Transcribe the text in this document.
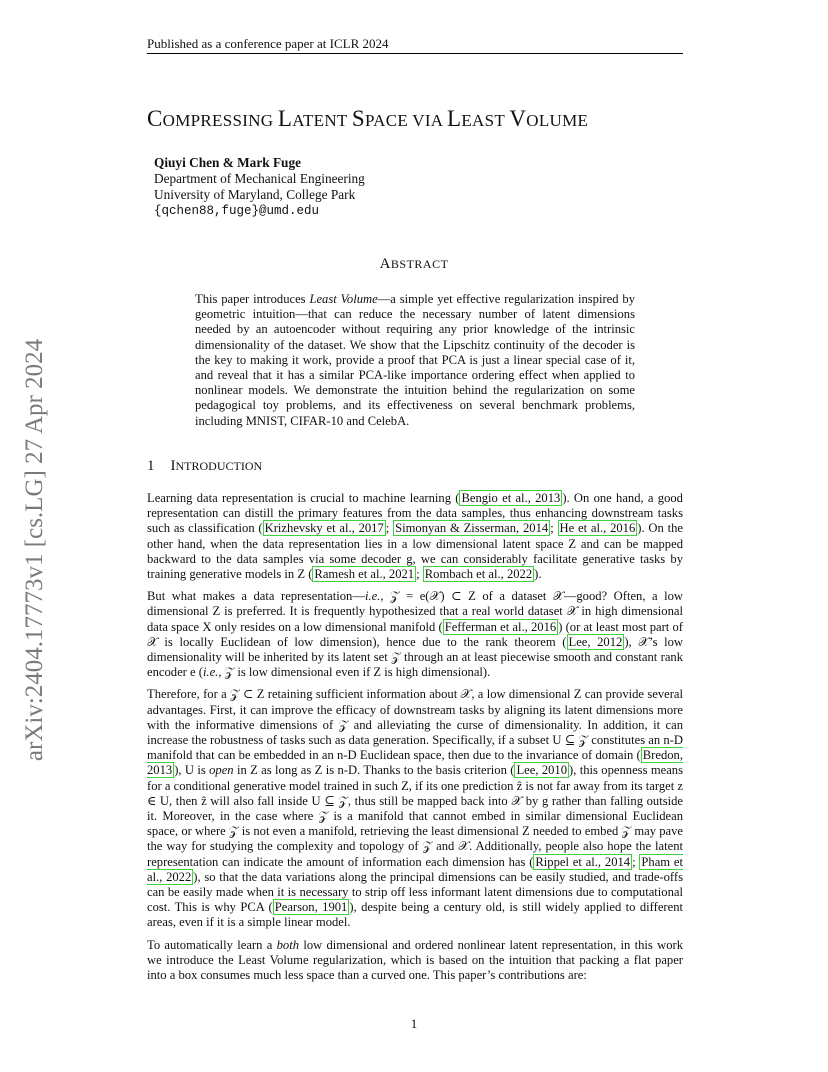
Published as a conference paper at ICLR 2024
COMPRESSING LATENT SPACE VIA LEAST VOLUME
Qiuyi Chen & Mark Fuge
Department of Mechanical Engineering
University of Maryland, College Park
{qchen88,fuge}@umd.edu
ABSTRACT
This paper introduces Least Volume—a simple yet effective regularization inspired by geometric intuition—that can reduce the necessary number of latent dimensions needed by an autoencoder without requiring any prior knowledge of the intrinsic dimensionality of the dataset. We show that the Lipschitz continuity of the decoder is the key to making it work, provide a proof that PCA is just a linear special case of it, and reveal that it has a similar PCA-like importance ordering effect when applied to nonlinear models. We demonstrate the intuition behind the regularization on some pedagogical toy problems, and its effectiveness on several benchmark problems, including MNIST, CIFAR-10 and CelebA.
1 INTRODUCTION

Learning data representation is crucial to machine learning ( Bengio et al., 2013 ). On one hand, a good representation can distill the primary features from the data samples, thus enhancing downstream tasks such as classification ( Krizhevsky et al., 2017 ; Simonyan & Zisserman, 2014 ; He et al., 2016 ). On the other hand, when the data representation lies in a low dimensional latent space Z and can be mapped backward to the data samples via some decoder g, we can considerably facilitate generative tasks by training generative models in Z ( Ramesh et al., 2021 ; Rombach et al., 2022 ).

But what makes a data representation—i.e., 𝒵 = e(𝒳) ⊂ Z of a dataset 𝒳—good? Often, a low dimensional Z is preferred. It is frequently hypothesized that a real world dataset 𝒳 in high dimensional data space X only resides on a low dimensional manifold ( Fefferman et al., 2016 ) (or at least most part of 𝒳 is locally Euclidean of low dimension), hence due to the rank theorem ( Lee, 2012 ), 𝒳’s low dimensionality will be inherited by its latent set 𝒵 through an at least piecewise smooth and constant rank encoder e (i.e., 𝒵 is low dimensional even if Z is high dimensional).

Therefore, for a 𝒵 ⊂ Z retaining sufficient information about 𝒳, a low dimensional Z can provide several advantages. First, it can improve the efficacy of downstream tasks by aligning its latent dimensions more with the informative dimensions of 𝒵 and alleviating the curse of dimensionality. In addition, it can increase the robustness of tasks such as data generation. Specifically, if a subset U ⊆ 𝒵 constitutes an n-D manifold that can be embedded in an n-D Euclidean space, then due to the invariance of domain ( Bredon, 2013 ), U is open in Z as long as Z is n-D. Thanks to the basis criterion ( Lee, 2010 ), this openness means for a conditional generative model trained in such Z, if its one prediction ẑ is not far away from its target z ∈ U, then ẑ will also fall inside U ⊆ 𝒵, thus still be mapped back into 𝒳 by g rather than falling outside it. Moreover, in the case where 𝒵 is a manifold that cannot embed in similar dimensional Euclidean space, or where 𝒵 is not even a manifold, retrieving the least dimensional Z needed to embed 𝒵 may pave the way for studying the complexity and topology of 𝒵 and 𝒳. Additionally, people also hope the latent representation can indicate the amount of information each dimension has ( Rippel et al., 2014 ; Pham et al., 2022 ), so that the data variations along the principal dimensions can be easily studied, and trade-offs can be easily made when it is necessary to strip off less informant latent dimensions due to computational cost. This is why PCA ( Pearson, 1901 ), despite being a century old, is still widely applied to different areas, even if it is a simple linear model.

To automatically learn a both low dimensional and ordered nonlinear latent representation, in this work we introduce the Least Volume regularization, which is based on the intuition that packing a flat paper into a box consumes much less space than a curved one. This paper’s contributions are:

arXiv:2404.17773v1 [cs.LG] 27 Apr 2024
1
